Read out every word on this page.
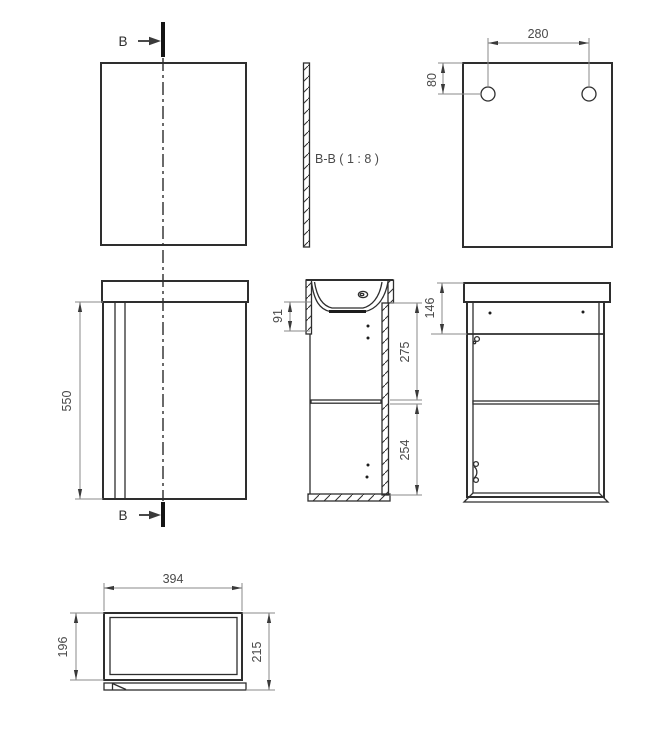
B
B
B-B ( 1 : 8 )
280
80
550
91
275
254
146
394
196	215
